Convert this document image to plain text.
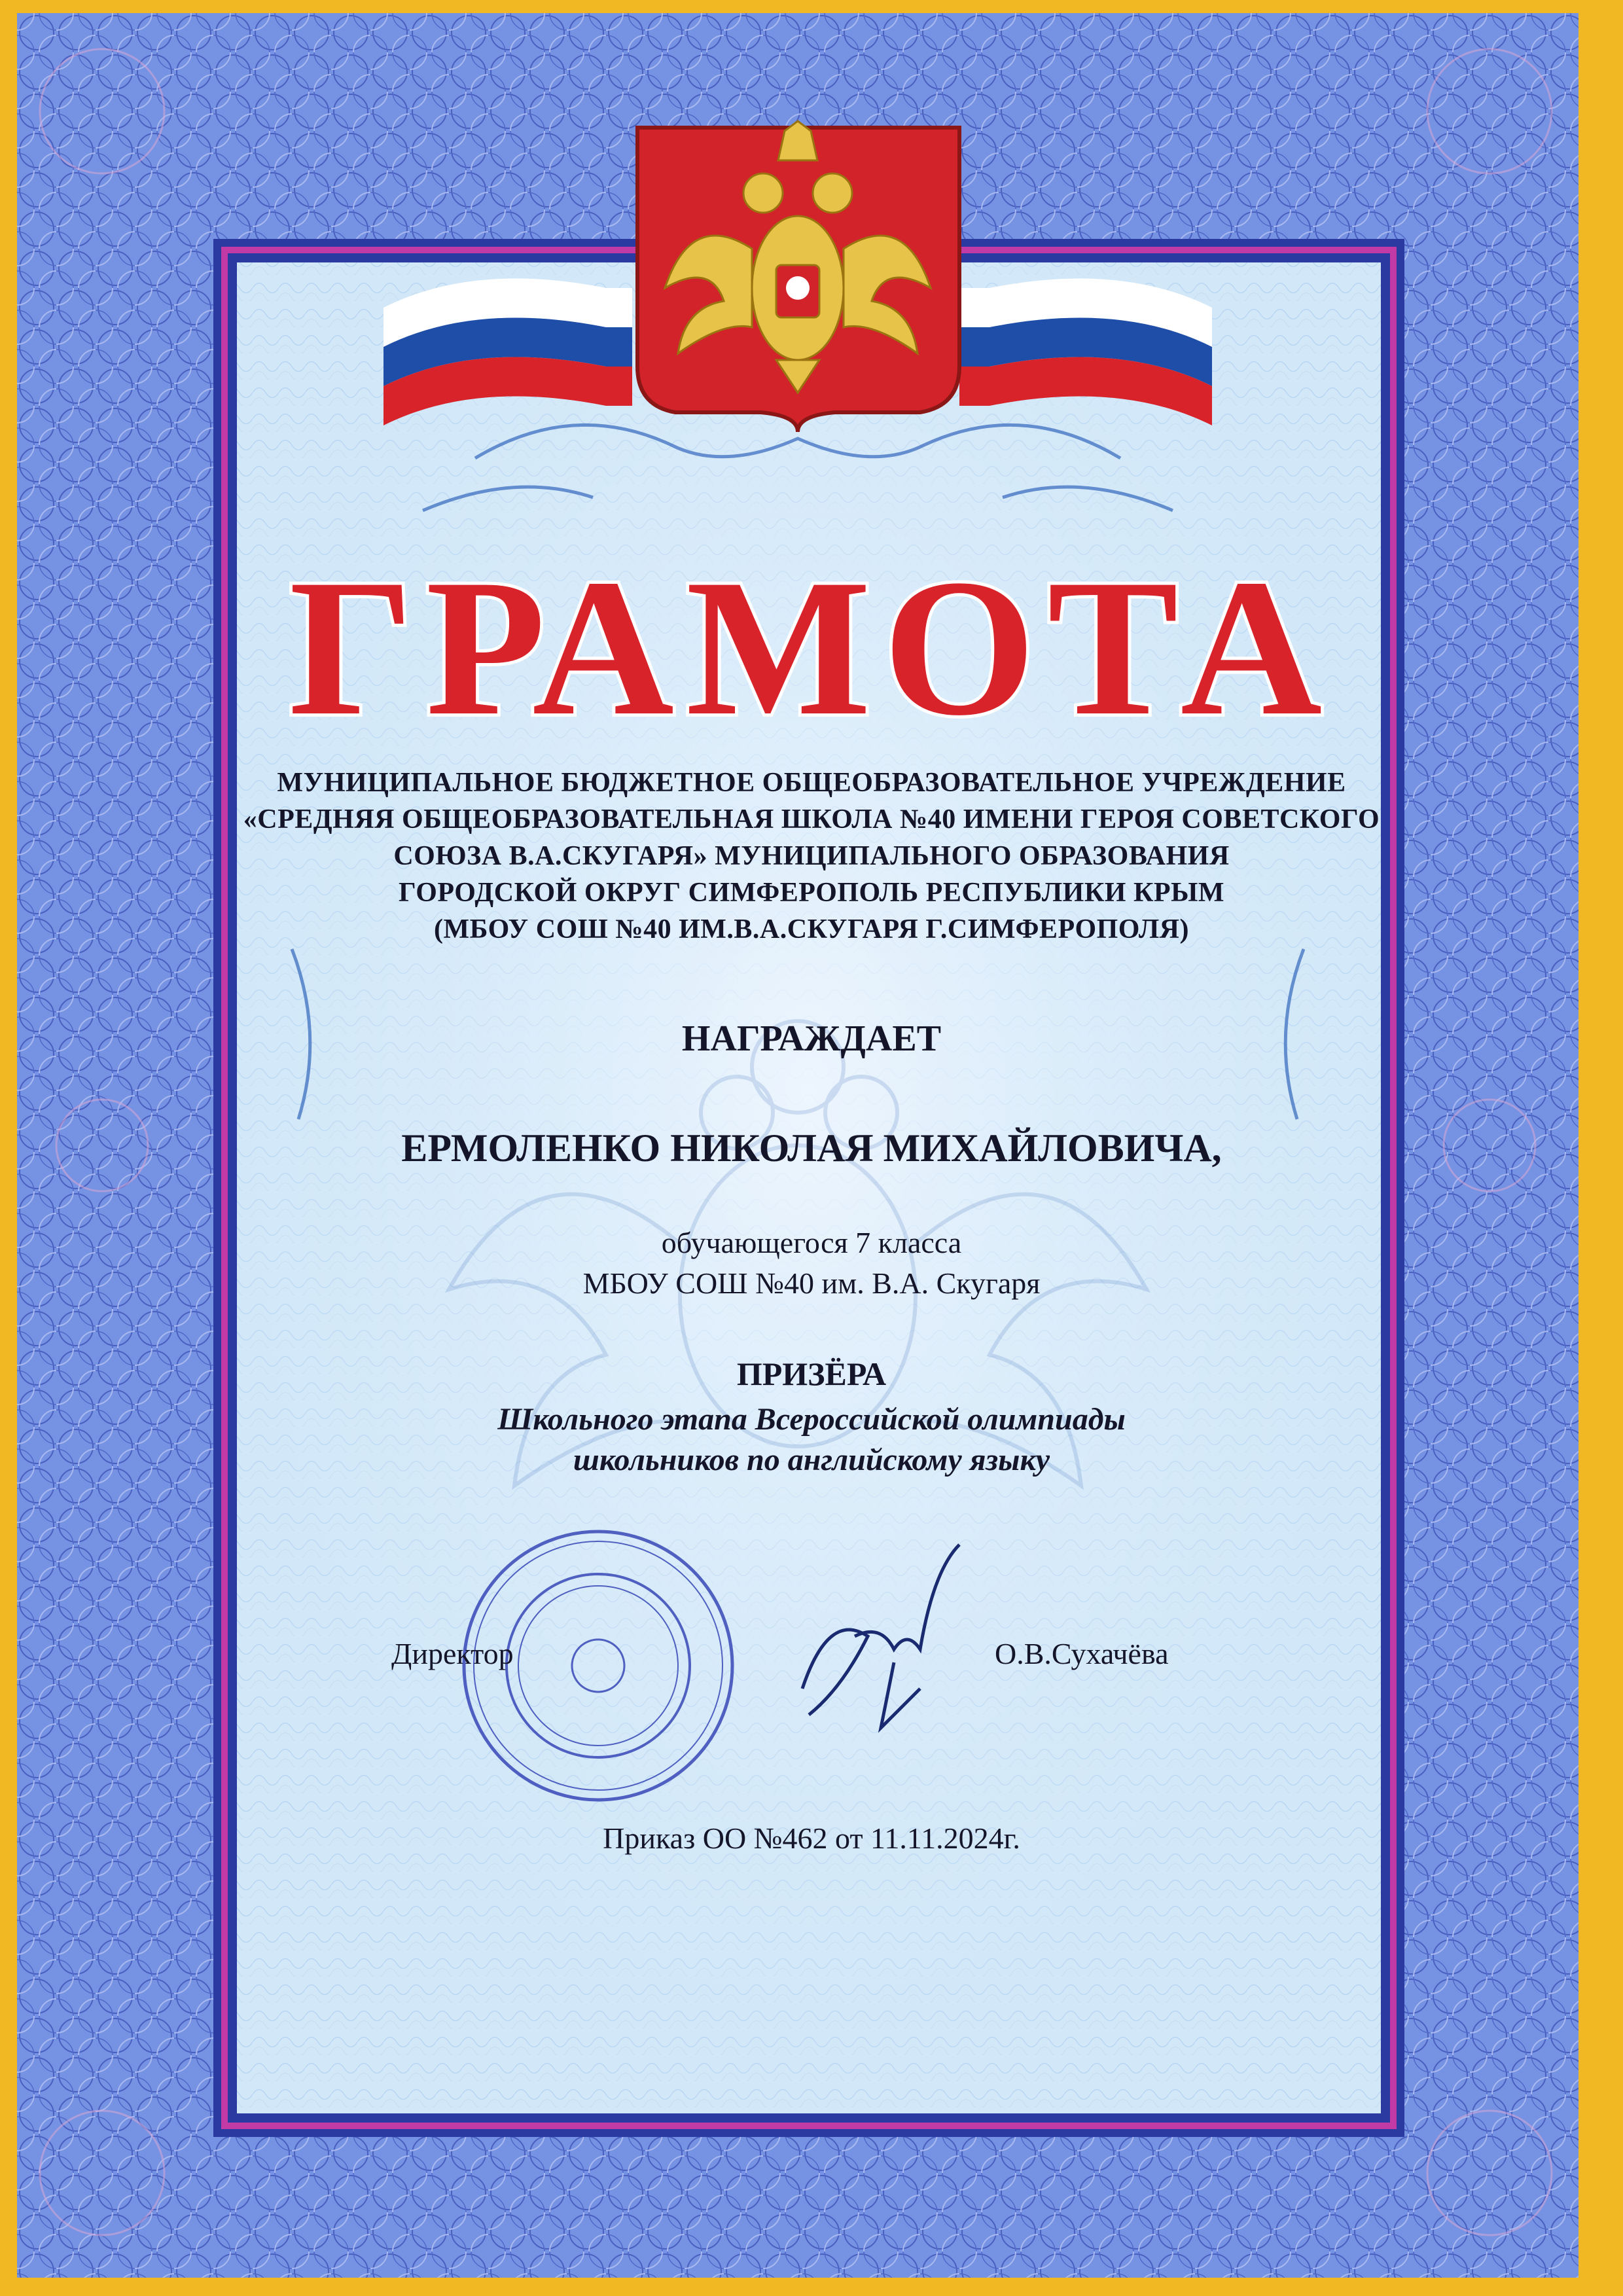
ГРАМОТА
МУНИЦИПАЛЬНОЕ БЮДЖЕТНОЕ ОБЩЕОБРАЗОВАТЕЛЬНОЕ УЧРЕЖДЕНИЕ
«СРЕДНЯЯ ОБЩЕОБРАЗОВАТЕЛЬНАЯ ШКОЛА №40 ИМЕНИ ГЕРОЯ СОВЕТСКОГО
СОЮЗА В.А.СКУГАРЯ» МУНИЦИПАЛЬНОГО ОБРАЗОВАНИЯ
ГОРОДСКОЙ ОКРУГ СИМФЕРОПОЛЬ РЕСПУБЛИКИ КРЫМ
(МБОУ СОШ №40 ИМ.В.А.СКУГАРЯ Г.СИМФЕРОПОЛЯ)
НАГРАЖДАЕТ
ЕРМОЛЕНКО НИКОЛАЯ МИХАЙЛОВИЧА,
обучающегося 7 класса
МБОУ СОШ №40 им. В.А. Скугаря
ПРИЗЁРА
Школьного этапа Всероссийской олимпиады
школьников по английскому языку
Директор	О.В.Сухачёва
Приказ ОО №462 от 11.11.2024г.
